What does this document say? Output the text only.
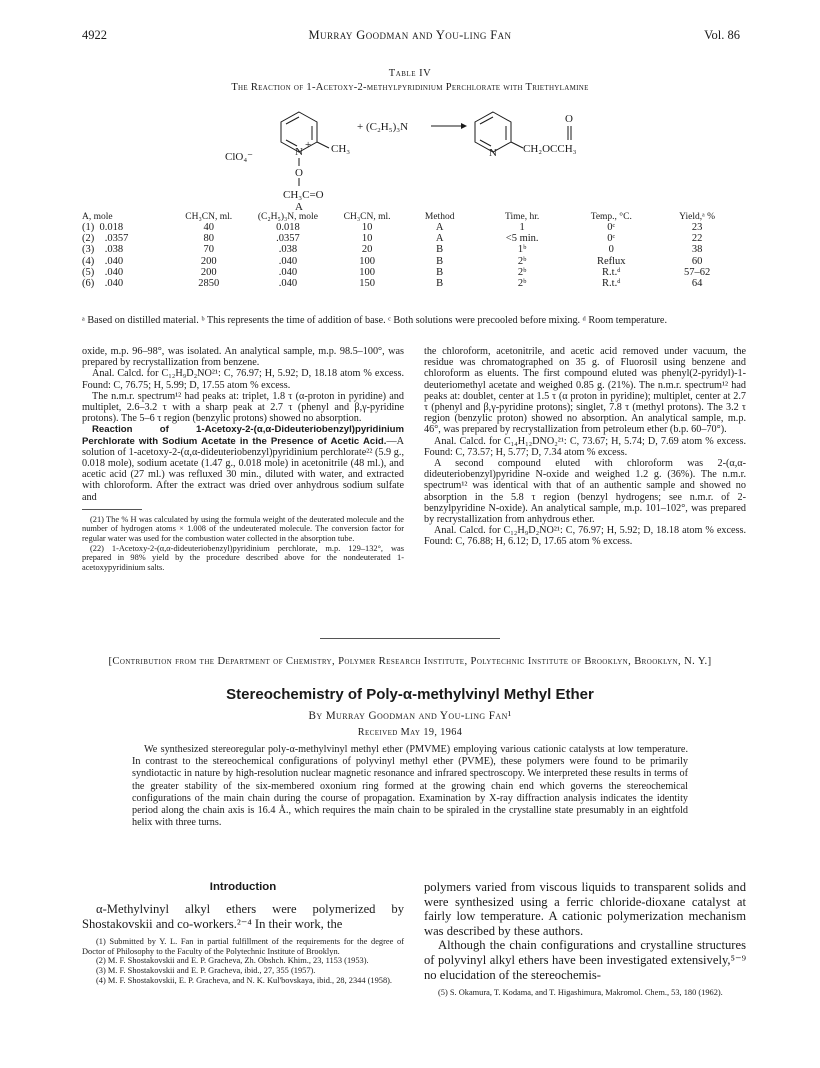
4922	Murray Goodman and You-ling Fan	Vol. 86
Table IV
The Reaction of 1-Acetoxy-2-methylpyridinium Perchlorate with Triethylamine
CH₃
N
+
ClO₄⁻
O
CH₃C=O
A
+ (C₂H₅)₃N
N CH₂OCCH₃
O
A, mole	CH₃CN, ml.	(C₂H₅)₃N, mole	CH₃CN, ml.	Method	Time, hr.	Temp., °C.	Yield,ᵃ %
(1)  0.018	40	0.018	10	A	1	0ᶜ	23
(2)    .0357	80	.0357	10	A	<5 min.	0ᶜ	22
(3)    .038	70	.038	20	B	1ᵇ	0	38
(4)    .040	200	.040	100	B	2ᵇ	Reflux	60
(5)    .040	200	.040	100	B	2ᵇ	R.t.ᵈ	57–62
(6)    .040	2850	.040	150	B	2ᵇ	R.t.ᵈ	64
ᵃ Based on distilled material. ᵇ This represents the time of addition of base. ᶜ Both solutions were precooled before mixing. ᵈ Room temperature.

oxide, m.p. 96–98°, was isolated. An analytical sample, m.p. 98.5–100°, was prepared by recrystallization from benzene.

Anal. Calcd. for C₁₂H₉D₂NO²¹: C, 76.97; H, 5.92; D, 18.18 atom % excess. Found: C, 76.75; H, 5.99; D, 17.55 atom % excess.

The n.m.r. spectrum¹² had peaks at: triplet, 1.8 τ (α-proton in pyridine) and multiplet, 2.6–3.2 τ with a sharp peak at 2.7 τ (phenyl and β,γ-pyridine protons). The 5–6 τ region (benzylic protons) showed no absorption.

Reaction of 1-Acetoxy-2-(α,α-Dideuteriobenzyl)pyridinium Perchlorate with Sodium Acetate in the Presence of Acetic Acid.—A solution of 1-acetoxy-2-(α,α-dideuteriobenzyl)pyridinium perchlorate²² (5.9 g., 0.018 mole), sodium acetate (1.47 g., 0.018 mole) in acetonitrile (48 ml.), and acetic acid (27 ml.) was refluxed 30 min., diluted with water, and extracted with chloroform. After the extract was dried over anhydrous sodium sulfate and

(21) The % H was calculated by using the formula weight of the deuterated molecule and the number of hydrogen atoms × 1.008 of the undeuterated molecule. The conversion factor for regular water was used for the combustion water collected in the absorption tube.

(22) 1-Acetoxy-2-(α,α-dideuteriobenzyl)pyridinium perchlorate, m.p. 129–132°, was prepared in 98% yield by the procedure described above for the nondeuterated 1-acetoxypyridinium salts.

the chloroform, acetonitrile, and acetic acid removed under vacuum, the residue was chromatographed on 35 g. of Fluorosil using benzene and chloroform as eluents. The first compound eluted was phenyl(2-pyridyl)-1-deuteriomethyl acetate and weighed 0.85 g. (21%). The n.m.r. spectrum¹² had peaks at: doublet, center at 1.5 τ (α proton in pyridine); multiplet, center at 2.7 τ (phenyl and β,γ-pyridine protons); singlet, 7.8 τ (methyl protons). The 3.2 τ region (benzylic proton) showed no absorption. An analytical sample, m.p. 46°, was prepared by recrystallization from petroleum ether (b.p. 60–70°).

Anal. Calcd. for C₁₄H₁₂DNO₂²¹: C, 73.67; H, 5.74; D, 7.69 atom % excess. Found: C, 73.57; H, 5.77; D, 7.34 atom % excess.

A second compound eluted with chloroform was 2-(α,α-dideuteriobenzyl)pyridine N-oxide and weighed 1.2 g. (36%). The n.m.r. spectrum¹² was identical with that of an authentic sample and showed no absorption in the 5.8 τ region (benzyl hydrogens; see n.m.r. of 2-benzylpyridine N-oxide). An analytical sample, m.p. 101–102°, was prepared by recrystallization from anhydrous ether.

Anal. Calcd. for C₁₂H₉D₂NO²¹: C, 76.97; H, 5.92; D, 18.18 atom % excess. Found: C, 76.88; H, 6.12; D, 17.65 atom % excess.

[Contribution from the Department of Chemistry, Polymer Research Institute, Polytechnic Institute of Brooklyn, Brooklyn, N. Y.]
Stereochemistry of Poly-α-methylvinyl Methyl Ether
By Murray Goodman and You-ling Fan¹
Received May 19, 1964

We synthesized stereoregular poly-α-methylvinyl methyl ether (PMVME) employing various cationic catalysts at low temperature. In contrast to the stereochemical configurations of polyvinyl methyl ether (PVME), these polymers were found to be primarily syndiotactic in nature by high-resolution nuclear magnetic resonance and infrared spectroscopy. We interpreted these results in terms of the greater stability of the six-membered oxonium ring formed at the growing chain end which governs the stereochemical configurations of the main chain during the course of propagation. Examination by X-ray diffraction analysis indicates the identity period along the chain axis is 16.4 Å., which requires the main chain to be spiraled in the crystalline state presumably in an eightfold helix with three turns.

Introduction

α-Methylvinyl alkyl ethers were polymerized by Shostakovskii and co-workers.²⁻⁴ In their work, the

(1) Submitted by Y. L. Fan in partial fulfillment of the requirements for the degree of Doctor of Philosophy to the Faculty of the Polytechnic Institute of Brooklyn.

(2) M. F. Shostakovskii and E. P. Gracheva, Zh. Obshch. Khim., 23, 1153 (1953).

(3) M. F. Shostakovskii and E. P. Gracheva, ibid., 27, 355 (1957).

(4) M. F. Shostakovskii, E. P. Gracheva, and N. K. Kul'bovskaya, ibid., 28, 2344 (1958).

polymers varied from viscous liquids to transparent solids and were synthesized using a ferric chloride-dioxane catalyst at fairly low temperature. A cationic polymerization mechanism was described by these authors.

Although the chain configurations and crystalline structures of polyvinyl alkyl ethers have been investigated extensively,⁵⁻⁹ no elucidation of the stereochemis-

(5) S. Okamura, T. Kodama, and T. Higashimura, Makromol. Chem., 53, 180 (1962).
